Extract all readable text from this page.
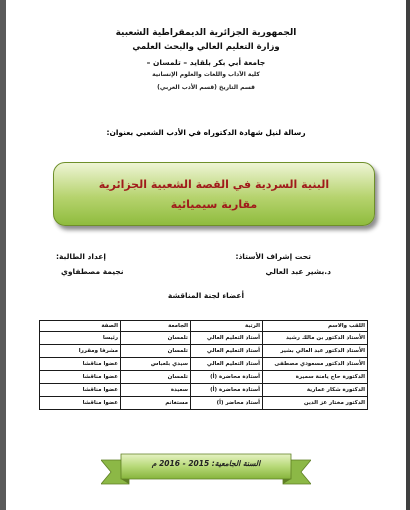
الجمهورية الجزائرية الديمقراطية الشعبية
وزارة التعليم العالي والبحث العلمي
جامعة أبي بكر بلقايد – تلمسان –
كلية الآداب واللغات والعلوم الإنسانية
قسم التاريخ (قسم الأدب العربي)
رسالة لنيل شهادة الدكتوراه في الأدب الشعبي بعنوان:
البنية السردية في القصة الشعبية الجزائرية
مقاربة سيميائية
تحت إشراف الأستاذ:
إعداد الطالبة:
د.بشير عبد العالي
نجيمة مصطفاوي
أعضاء لجنة المناقشة
اللقب والاسم	الرتبة	الجامعة	الصفة
الأستاذ الدكتور بن مالك رشيد	أستاذ التعليم العالي	تلمسان	رئيسا
الأستاذ الدكتور عبد العالي بشير	أستاذ التعليم العالي	تلمسان	مشرفا ومقررا
الأستاذ الدكتور مسعودي مصطفى	أستاذ التعليم العالي	سيدي بلعباس	عضوا مناقشا
الدكتورة حاج يامنة سميرة	أستاذة محاضرة (أ)	تلمسان	عضوا مناقشا
الدكتورة شكار عمارية	أستاذة محاضرة (أ)	سعيدة	عضوا مناقشا
الدكتور مختار عز الدين	أستاذ محاضر (أ)	مستغانم	عضوا مناقشا
السنة الجامعية: 2015 - 2016 م
